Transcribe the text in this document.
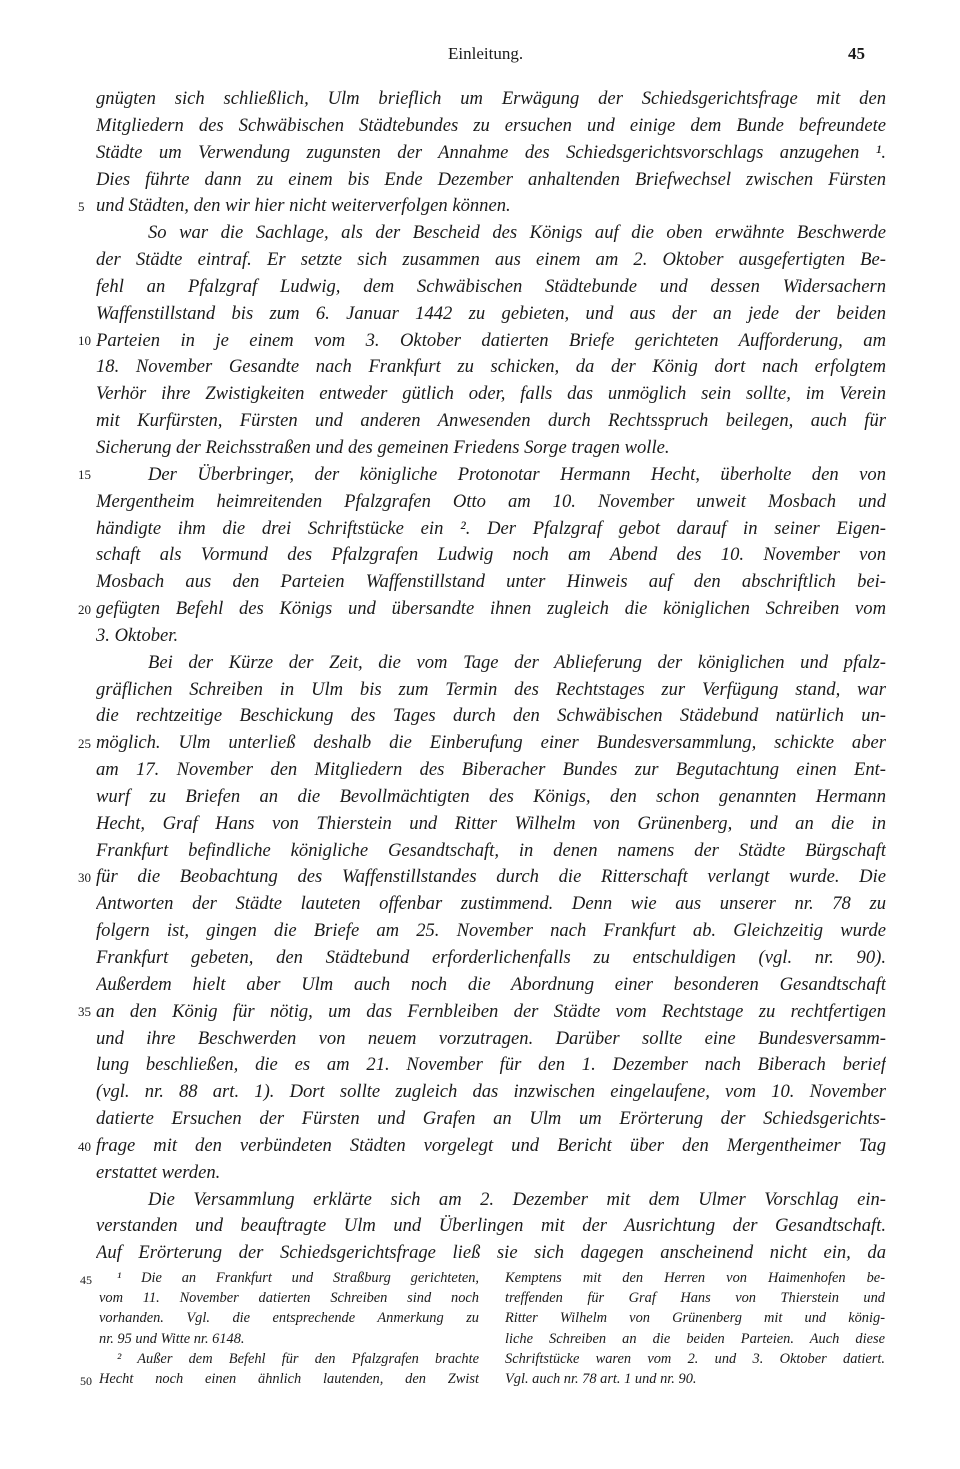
Einleitung.	45
5
10
15
20
25
30
35
40
gnügten sich schließlich, Ulm brieflich um Erwägung der Schiedsgerichtsfrage mit den
Mitgliedern des Schwäbischen Städtebundes zu ersuchen und einige dem Bunde befreundete
Städte um Verwendung zugunsten der Annahme des Schiedsgerichtsvorschlags anzugehen ¹.
Dies führte dann zu einem bis Ende Dezember anhaltenden Briefwechsel zwischen Fürsten
und Städten, den wir hier nicht weiterverfolgen können.
So war die Sachlage, als der Bescheid des Königs auf die oben erwähnte Beschwerde
der Städte eintraf. Er setzte sich zusammen aus einem am 2. Oktober ausgefertigten Be-
fehl an Pfalzgraf Ludwig, dem Schwäbischen Städtebunde und dessen Widersachern
Waffenstillstand bis zum 6. Januar 1442 zu gebieten, und aus der an jede der beiden
Parteien in je einem vom 3. Oktober datierten Briefe gerichteten Aufforderung, am
18. November Gesandte nach Frankfurt zu schicken, da der König dort nach erfolgtem
Verhör ihre Zwistigkeiten entweder gütlich oder, falls das unmöglich sein sollte, im Verein
mit Kurfürsten, Fürsten und anderen Anwesenden durch Rechtsspruch beilegen, auch für
Sicherung der Reichsstraßen und des gemeinen Friedens Sorge tragen wolle.
Der Überbringer, der königliche Protonotar Hermann Hecht, überholte den von
Mergentheim heimreitenden Pfalzgrafen Otto am 10. November unweit Mosbach und
händigte ihm die drei Schriftstücke ein ². Der Pfalzgraf gebot darauf in seiner Eigen-
schaft als Vormund des Pfalzgrafen Ludwig noch am Abend des 10. November von
Mosbach aus den Parteien Waffenstillstand unter Hinweis auf den abschriftlich bei-
gefügten Befehl des Königs und übersandte ihnen zugleich die königlichen Schreiben vom
3. Oktober.
Bei der Kürze der Zeit, die vom Tage der Ablieferung der königlichen und pfalz-
gräflichen Schreiben in Ulm bis zum Termin des Rechtstages zur Verfügung stand, war
die rechtzeitige Beschickung des Tages durch den Schwäbischen Städebund natürlich un-
möglich. Ulm unterließ deshalb die Einberufung einer Bundesversammlung, schickte aber
am 17. November den Mitgliedern des Biberacher Bundes zur Begutachtung einen Ent-
wurf zu Briefen an die Bevollmächtigten des Königs, den schon genannten Hermann
Hecht, Graf Hans von Thierstein und Ritter Wilhelm von Grünenberg, und an die in
Frankfurt befindliche königliche Gesandtschaft, in denen namens der Städte Bürgschaft
für die Beobachtung des Waffenstillstandes durch die Ritterschaft verlangt wurde. Die
Antworten der Städte lauteten offenbar zustimmend. Denn wie aus unserer nr. 78 zu
folgern ist, gingen die Briefe am 25. November nach Frankfurt ab. Gleichzeitig wurde
Frankfurt gebeten, den Städtebund erforderlichenfalls zu entschuldigen (vgl. nr. 90).
Außerdem hielt aber Ulm auch noch die Abordnung einer besonderen Gesandtschaft
an den König für nötig, um das Fernbleiben der Städte vom Rechtstage zu rechtfertigen
und ihre Beschwerden von neuem vorzutragen. Darüber sollte eine Bundesversamm-
lung beschließen, die es am 21. November für den 1. Dezember nach Biberach berief
(vgl. nr. 88 art. 1). Dort sollte zugleich das inzwischen eingelaufene, vom 10. November
datierte Ersuchen der Fürsten und Grafen an Ulm um Erörterung der Schiedsgerichts-
frage mit den verbündeten Städten vorgelegt und Bericht über den Mergentheimer Tag
erstattet werden.
Die Versammlung erklärte sich am 2. Dezember mit dem Ulmer Vorschlag ein-
verstanden und beauftragte Ulm und Überlingen mit der Ausrichtung der Gesandtschaft.
Auf Erörterung der Schiedsgerichtsfrage ließ sie sich dagegen anscheinend nicht ein, da
45
50
¹ Die an Frankfurt und Straßburg gerichteten,
vom 11. November datierten Schreiben sind noch
vorhanden. Vgl. die entsprechende Anmerkung zu
nr. 95 und Witte nr. 6148.
² Außer dem Befehl für den Pfalzgrafen brachte
Hecht noch einen ähnlich lautenden, den Zwist
Kemptens mit den Herren von Haimenhofen be-
treffenden für Graf Hans von Thierstein und
Ritter Wilhelm von Grünenberg mit und könig-
liche Schreiben an die beiden Parteien. Auch diese
Schriftstücke waren vom 2. und 3. Oktober datiert.
Vgl. auch nr. 78 art. 1 und nr. 90.
